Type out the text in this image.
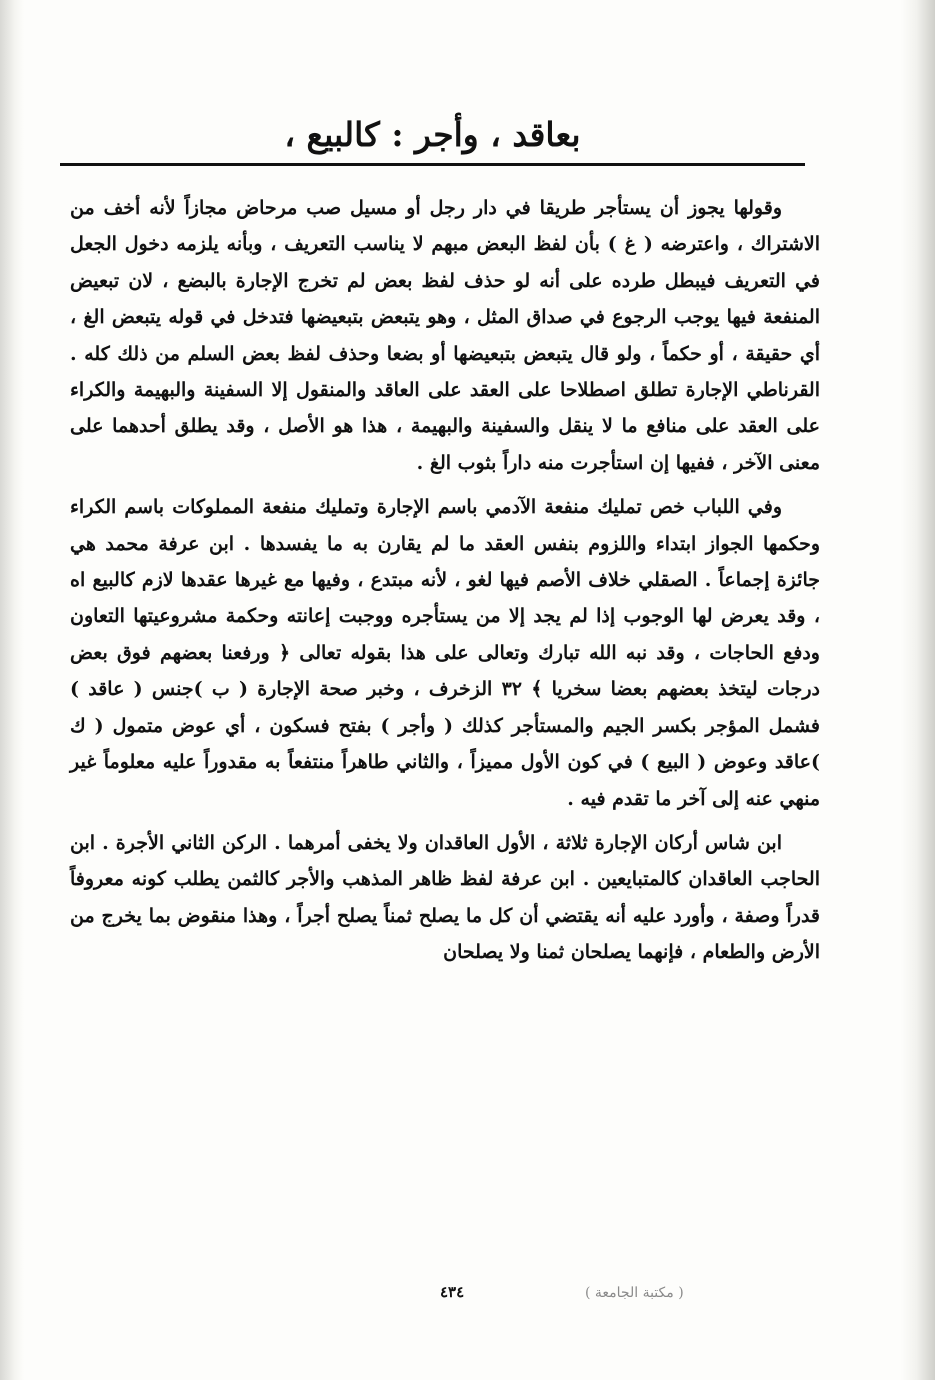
بعاقد ، وأجر : كالبيع ،

وقولها يجوز أن يستأجر طريقا في دار رجل أو مسيل صب مرحاض مجازاً لأنه أخف من الاشتراك ، واعترضه ( غ ) بأن لفظ البعض مبهم لا يناسب التعريف ، وبأنه يلزمه دخول الجعل في التعريف فيبطل طرده على أنه لو حذف لفظ بعض لم تخرج الإجارة بالبضع ، لان تبعيض المنفعة فيها يوجب الرجوع في صداق المثل ، وهو يتبعض بتبعيضها فتدخل في قوله يتبعض الغ ، أي حقيقة ، أو حكماً ، ولو قال يتبعض بتبعيضها أو بضعا وحذف لفظ بعض السلم من ذلك كله . القرناطي الإجارة تطلق اصطلاحا على العقد على العاقد والمنقول إلا السفينة والبهيمة والكراء على العقد على منافع ما لا ينقل والسفينة والبهيمة ، هذا هو الأصل ، وقد يطلق أحدهما على معنى الآخر ، ففيها إن استأجرت منه داراً بثوب الغ .

وفي اللباب خص تمليك منفعة الآدمي باسم الإجارة وتمليك منفعة المملوكات باسم الكراء وحكمها الجواز ابتداء واللزوم بنفس العقد ما لم يقارن به ما يفسدها . ابن عرفة محمد هي جائزة إجماعاً . الصقلي خلاف الأصم فيها لغو ، لأنه مبتدع ، وفيها مع غيرها عقدها لازم كالبيع اه ، وقد يعرض لها الوجوب إذا لم يجد إلا من يستأجره ووجبت إعانته وحكمة مشروعيتها التعاون ودفع الحاجات ، وقد نبه الله تبارك وتعالى على هذا بقوله تعالى ﴿ ورفعنا بعضهم فوق بعض درجات ليتخذ بعضهم بعضا سخريا ﴾ ٣٢ الزخرف ، وخبر صحة الإجارة ( ب )جنس ( عاقد ) فشمل المؤجر بكسر الجيم والمستأجر كذلك ( وأجر ) بفتح فسكون ، أي عوض متمول ( ك )عاقد وعوض ( البيع ) في كون الأول مميزاً ، والثاني طاهراً منتفعاً به مقدوراً عليه معلوماً غير منهي عنه إلى آخر ما تقدم فيه .

ابن شاس أركان الإجارة ثلاثة ، الأول العاقدان ولا يخفى أمرهما . الركن الثاني الأجرة . ابن الحاجب العاقدان كالمتبايعين . ابن عرفة لفظ ظاهر المذهب والأجر كالثمن يطلب كونه معروفاً قدراً وصفة ، وأورد عليه أنه يقتضي أن كل ما يصلح ثمناً يصلح أجراً ، وهذا منقوض بما يخرج من الأرض والطعام ، فإنهما يصلحان ثمنا ولا يصلحان

٤٣٤	( مكتبة الجامعة )
